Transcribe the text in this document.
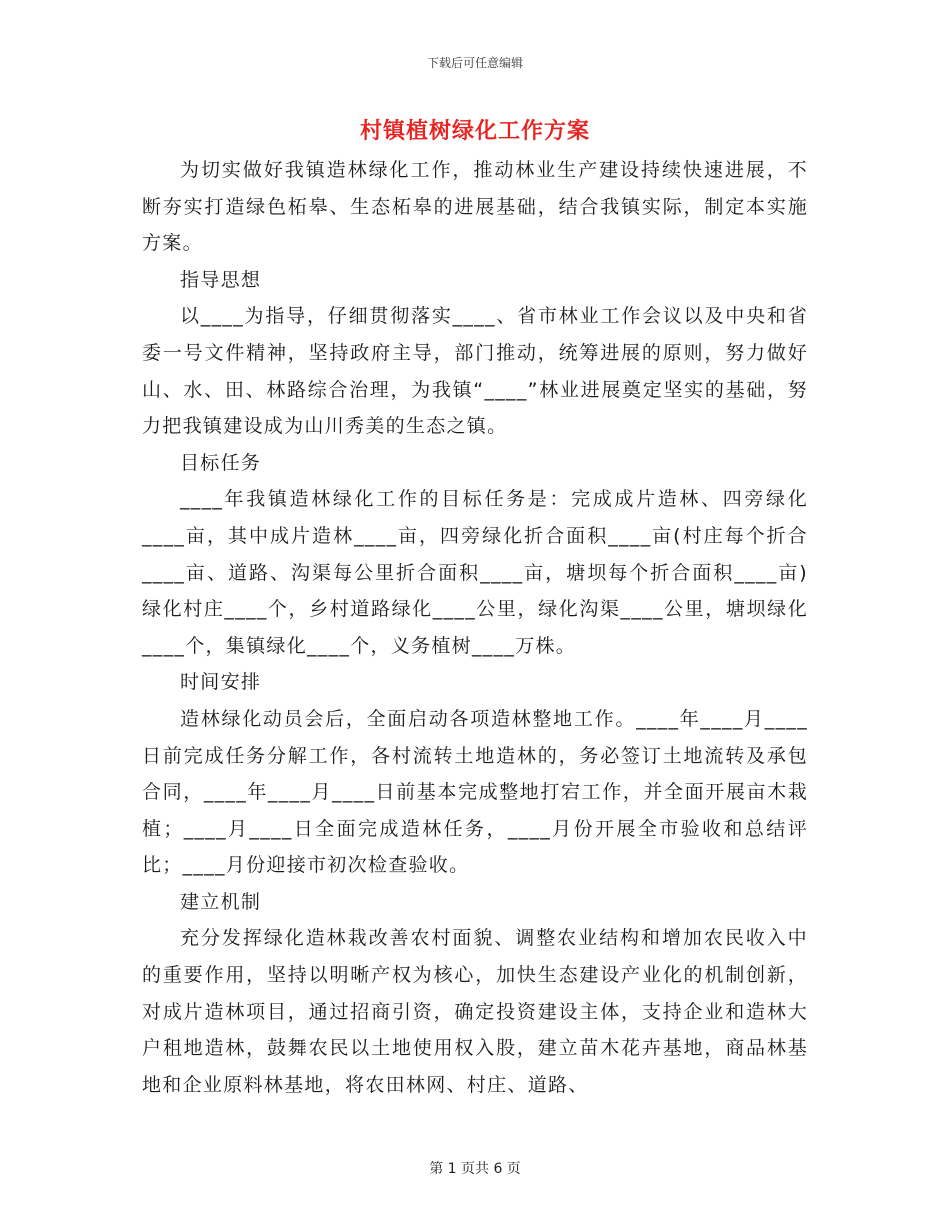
下载后可任意编辑
村镇植树绿化工作方案

为切实做好我镇造林绿化工作，推动林业生产建设持续快速进展，不断夯实打造绿色柘皋、生态柘皋的进展基础，结合我镇实际，制定本实施方案。

指导思想

以____为指导，仔细贯彻落实____、省市林业工作会议以及中央和省委一号文件精神，坚持政府主导，部门推动，统筹进展的原则，努力做好山、水、田、林路综合治理，为我镇“____”林业进展奠定坚实的基础，努力把我镇建设成为山川秀美的生态之镇。

目标任务

____年我镇造林绿化工作的目标任务是：完成成片造林、四旁绿化____亩，其中成片造林____亩，四旁绿化折合面积____亩(村庄每个折合____亩、道路、沟渠每公里折合面积____亩，塘坝每个折合面积____亩)绿化村庄____个，乡村道路绿化____公里，绿化沟渠____公里，塘坝绿化____个，集镇绿化____个，义务植树____万株。

时间安排

造林绿化动员会后，全面启动各项造林整地工作。____年____月____日前完成任务分解工作，各村流转土地造林的，务必签订土地流转及承包合同，____年____月____日前基本完成整地打宕工作，并全面开展亩木栽植；____月____日全面完成造林任务，____月份开展全市验收和总结评比；____月份迎接市初次检查验收。

建立机制

充分发挥绿化造林栽改善农村面貌、调整农业结构和增加农民收入中的重要作用，坚持以明晰产权为核心，加快生态建设产业化的机制创新，对成片造林项目，通过招商引资，确定投资建设主体，支持企业和造林大户租地造林，鼓舞农民以土地使用权入股，建立苗木花卉基地，商品林基地和企业原料林基地，将农田林网、村庄、道路、

第 1 页共 6 页
